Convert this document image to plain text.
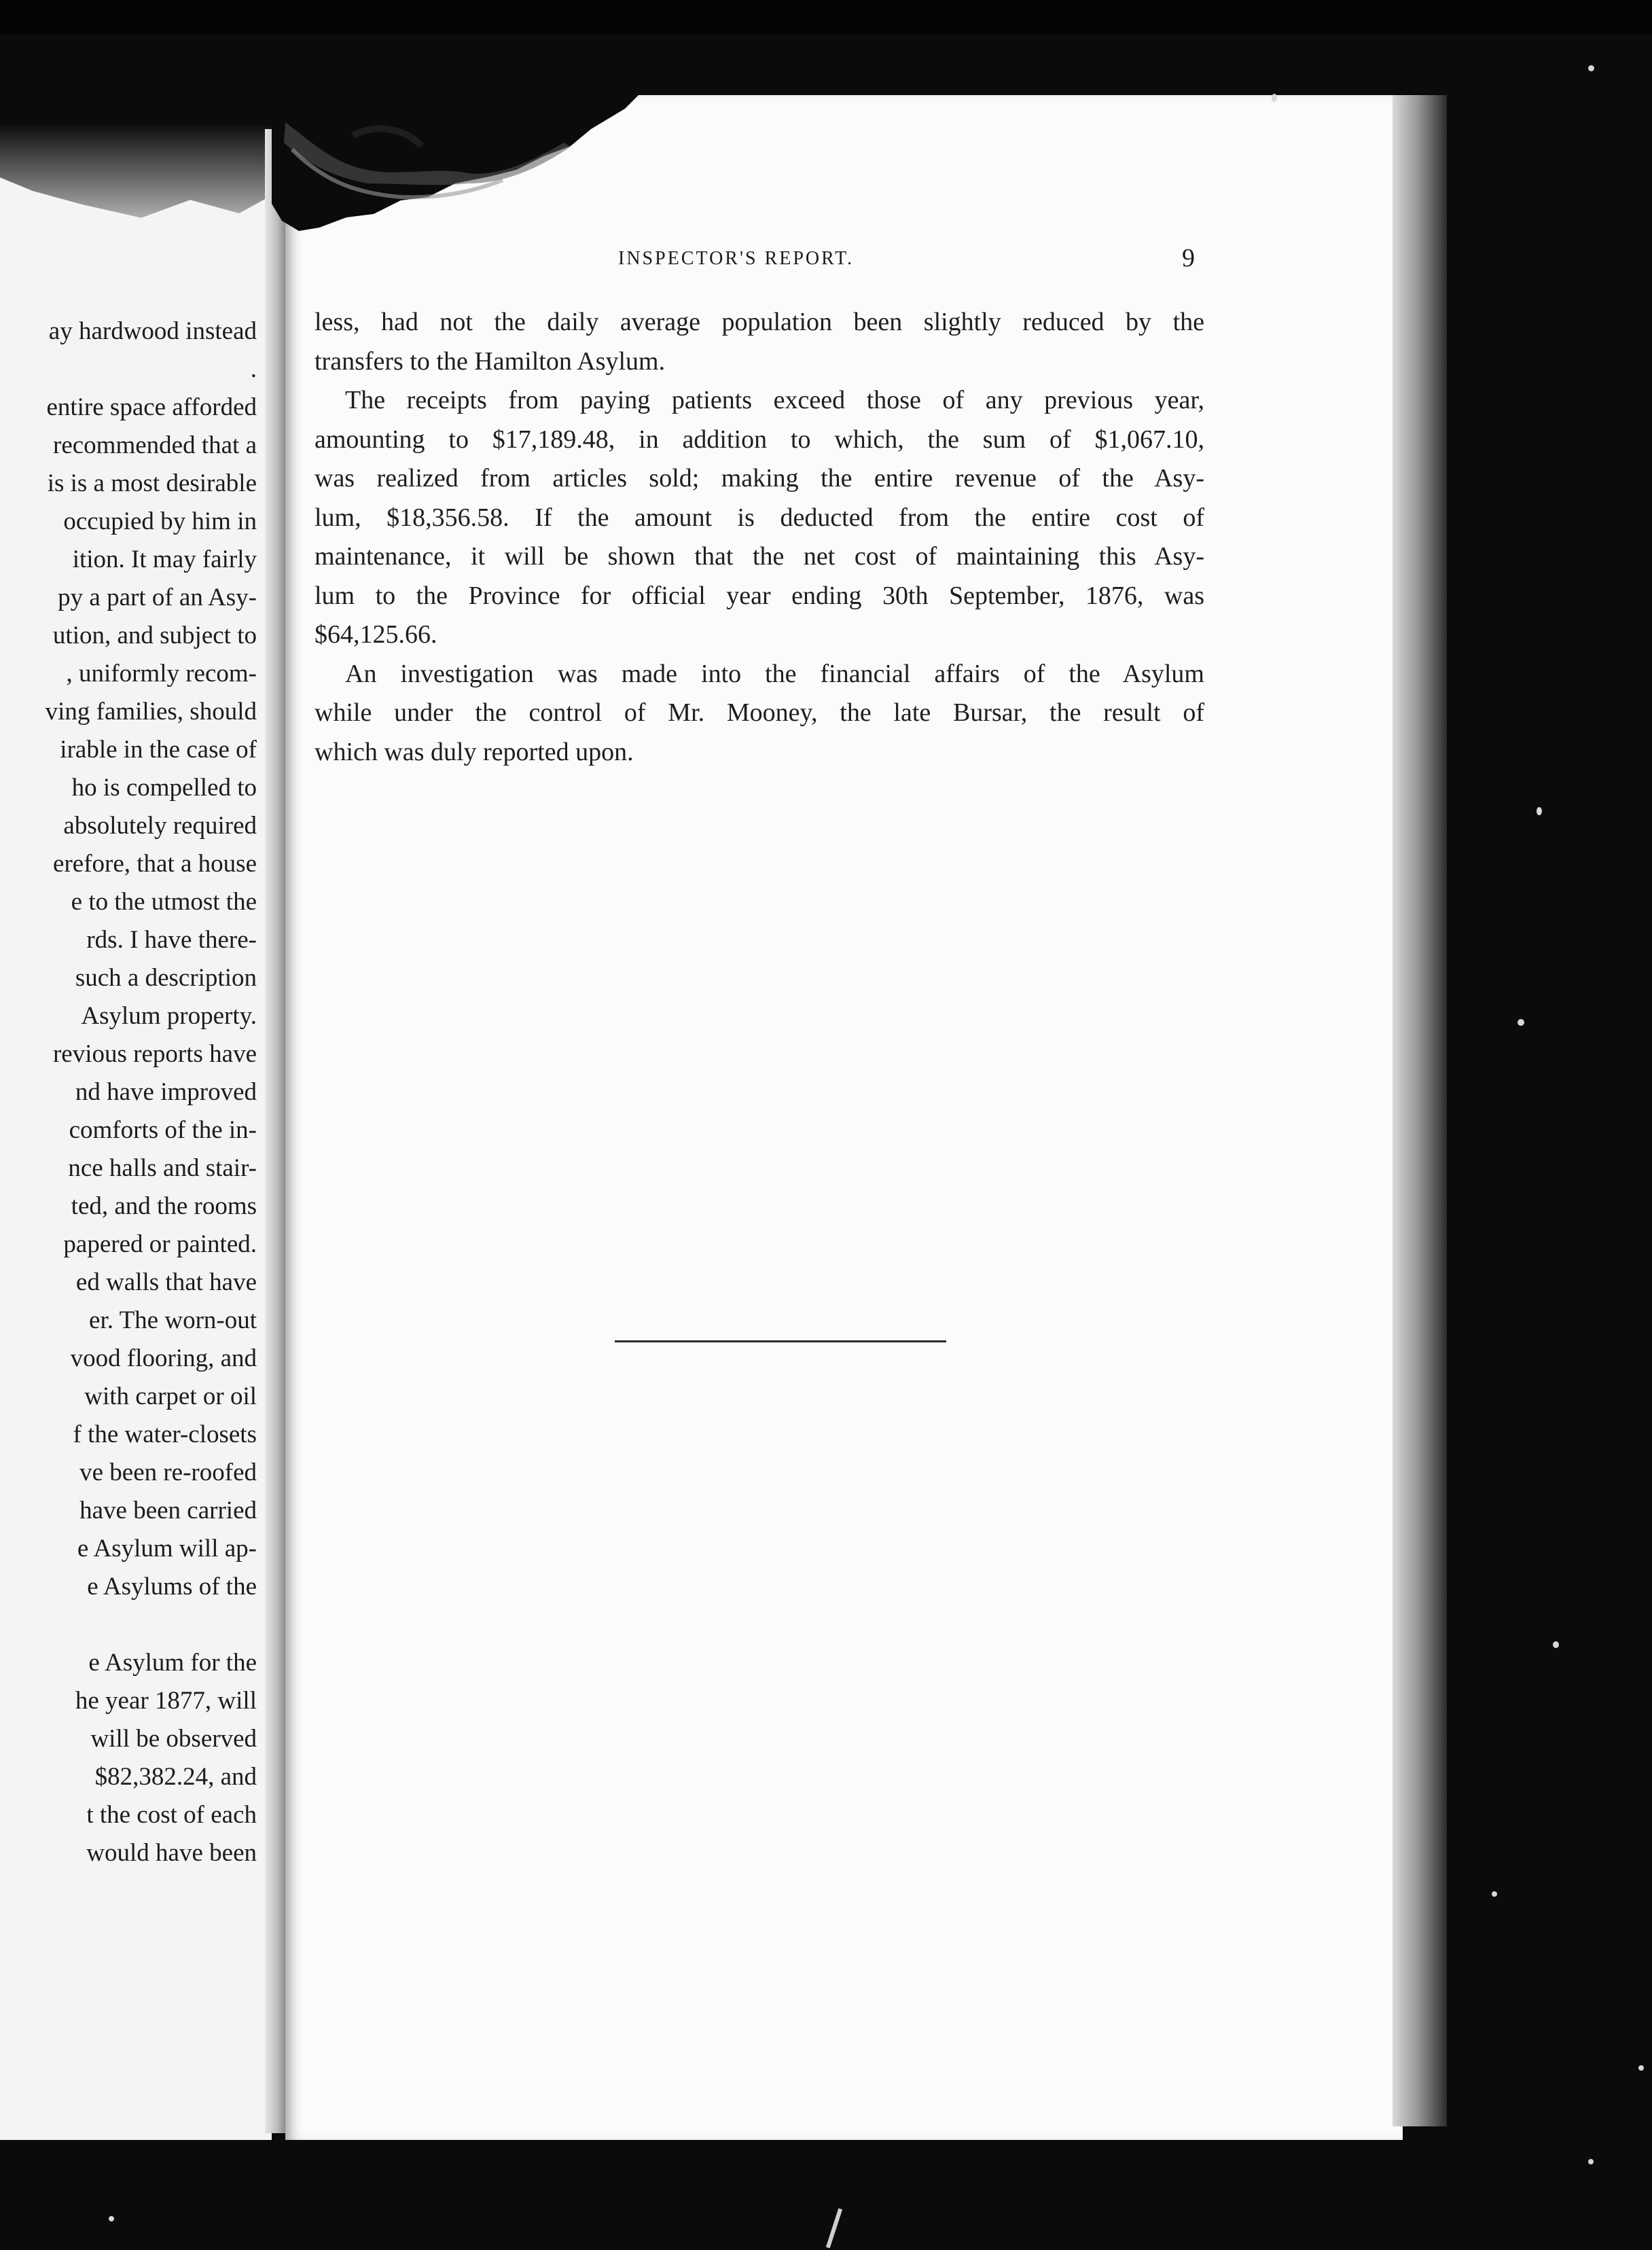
ay hardwood instead
.
entire space afforded
recommended that a
is is a most desirable
occupied by him in
ition. It may fairly
py a part of an Asy-
ution, and subject to
, uniformly recom-
ving families, should
irable in the case of
ho is compelled to
absolutely required
erefore, that a house
e to the utmost the
rds. I have there-
such a description
Asylum property.
revious reports have
nd have improved
comforts of the in-
nce halls and stair-
ted, and the rooms
papered or painted.
ed walls that have
er. The worn-out
vood flooring, and
with carpet or oil
f the water-closets
ve been re-roofed
have been carried
e Asylum will ap-
e Asylums of the
e Asylum for the
he year 1877, will
will be observed
$82,382.24, and
t the cost of each
would have been
INSPECTOR'S REPORT.	9
less, had not the daily average population been slightly reduced by the
transfers to the Hamilton Asylum.
The receipts from paying patients exceed those of any previous year,
amounting to $17,189.48, in addition to which, the sum of $1,067.10,
was realized from articles sold; making the entire revenue of the Asy-
lum, $18,356.58. If the amount is deducted from the entire cost of
maintenance, it will be shown that the net cost of maintaining this Asy-
lum to the Province for official year ending 30th September, 1876, was
$64,125.66.
An investigation was made into the financial affairs of the Asylum
while under the control of Mr. Mooney, the late Bursar, the result of
which was duly reported upon.
